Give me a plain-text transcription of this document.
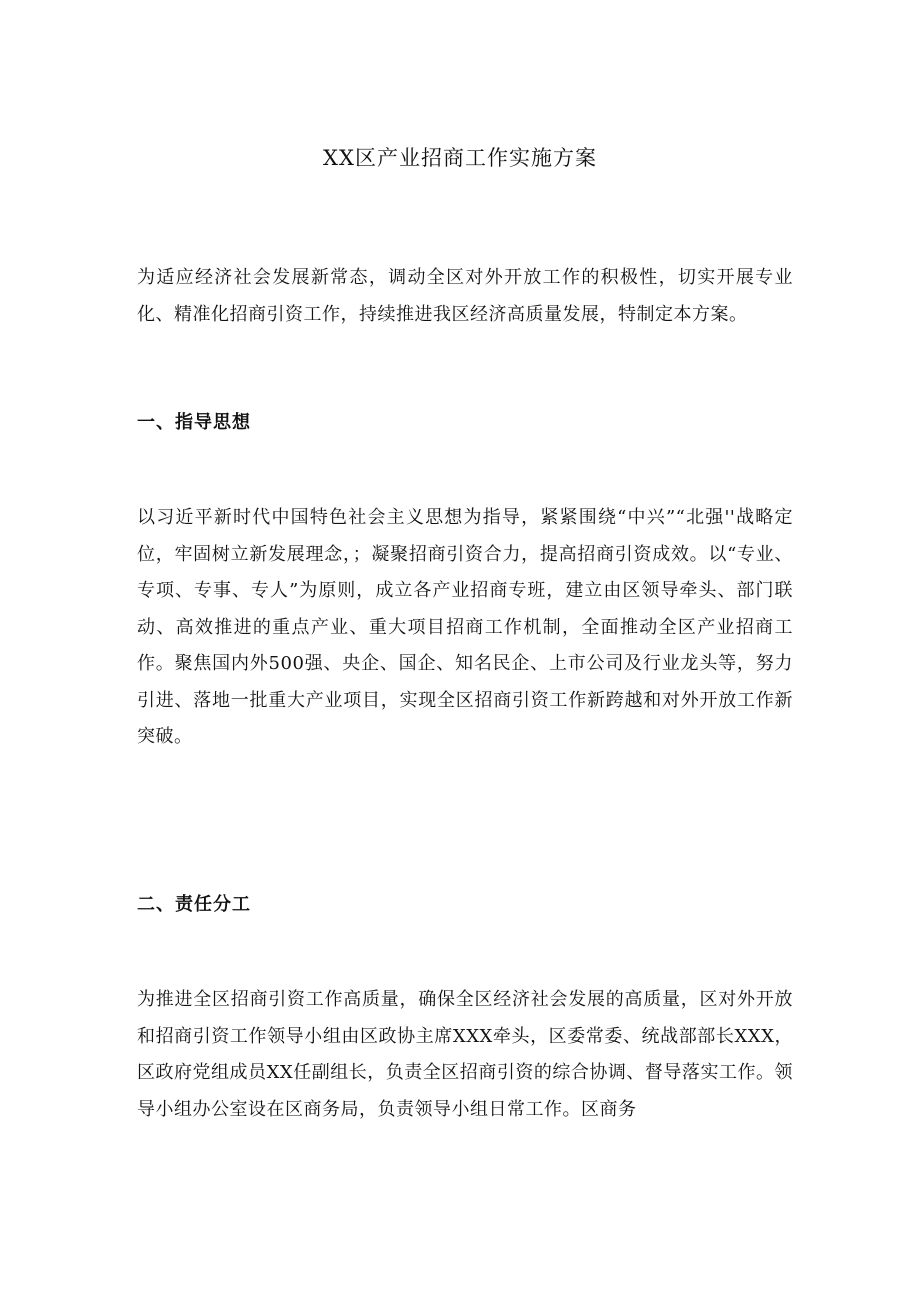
XX区产业招商工作实施方案

为适应经济社会发展新常态，调动全区对外开放工作的积极性，切实开展专业化、精准化招商引资工作，持续推进我区经济高质量发展，特制定本方案。

一、指导思想

以习近平新时代中国特色社会主义思想为指导，紧紧围绕“中兴”“北强''战略定位，牢固树立新发展理念，；凝聚招商引资合力，提高招商引资成效。以“专业、专项、专事、专人”为原则，成立各产业招商专班，建立由区领导牵头、部门联动、高效推进的重点产业、重大项目招商工作机制，全面推动全区产业招商工作。聚焦国内外500强、央企、国企、知名民企、上市公司及行业龙头等，努力引进、落地一批重大产业项目，实现全区招商引资工作新跨越和对外开放工作新突破。

二、责任分工

为推进全区招商引资工作高质量，确保全区经济社会发展的高质量，区对外开放和招商引资工作领导小组由区政协主席XXX牵头，区委常委、统战部部长XXX，区政府党组成员XX任副组长，负责全区招商引资的综合协调、督导落实工作。领导小组办公室设在区商务局，负责领导小组日常工作。区商务
